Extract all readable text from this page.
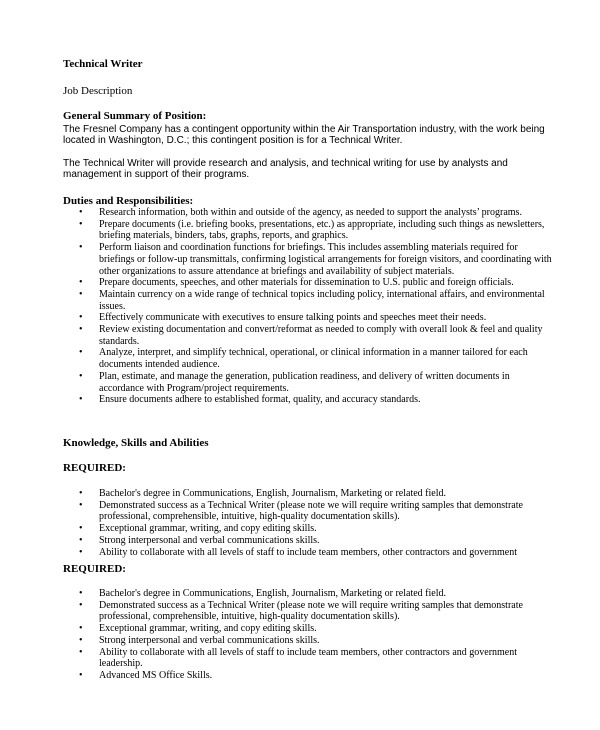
Technical Writer

Job Description

General Summary of Position:

The Fresnel Company has a contingent opportunity within the Air Transportation industry, with the work being located in Washington, D.C.; this contingent position is for a Technical Writer.

The Technical Writer will provide research and analysis, and technical writing for use by analysts and management in support of their programs.

Duties and Responsibilities:

• Research information, both within and outside of the agency, as needed to support the analysts’ programs.
• Prepare documents (i.e. briefing books, presentations, etc.) as appropriate, including such things as newsletters, briefing materials, binders, tabs, graphs, reports, and graphics.
• Perform liaison and coordination functions for briefings. This includes assembling materials required for briefings or follow-up transmittals, confirming logistical arrangements for foreign visitors, and coordinating with other organizations to assure attendance at briefings and availability of subject materials.
• Prepare documents, speeches, and other materials for dissemination to U.S. public and foreign officials.
• Maintain currency on a wide range of technical topics including policy, international affairs, and environmental issues.
• Effectively communicate with executives to ensure talking points and speeches meet their needs.
• Review existing documentation and convert/reformat as needed to comply with overall look & feel and quality standards.
• Analyze, interpret, and simplify technical, operational, or clinical information in a manner tailored for each documents intended audience.
• Plan, estimate, and manage the generation, publication readiness, and delivery of written documents in accordance with Program/project requirements.
• Ensure documents adhere to established format, quality, and accuracy standards.

Knowledge, Skills and Abilities

REQUIRED:

• Bachelor's degree in Communications, English, Journalism, Marketing or related field.
• Demonstrated success as a Technical Writer (please note we will require writing samples that demonstrate professional, comprehensible, intuitive, high-quality documentation skills).
• Exceptional grammar, writing, and copy editing skills.
• Strong interpersonal and verbal communications skills.
• Ability to collaborate with all levels of staff to include team members, other contractors and government

REQUIRED:

• Bachelor's degree in Communications, English, Journalism, Marketing or related field.
• Demonstrated success as a Technical Writer (please note we will require writing samples that demonstrate professional, comprehensible, intuitive, high-quality documentation skills).
• Exceptional grammar, writing, and copy editing skills.
• Strong interpersonal and verbal communications skills.
• Ability to collaborate with all levels of staff to include team members, other contractors and government leadership.
• Advanced MS Office Skills.
